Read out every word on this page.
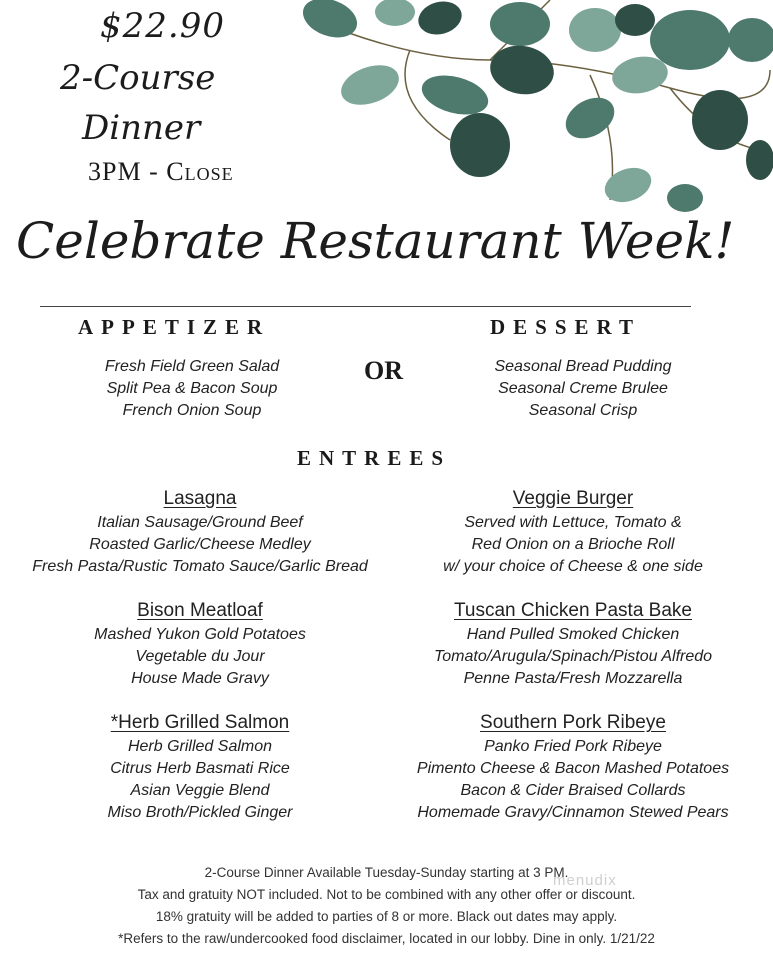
$22.90
2-Course
Dinner
3PM - Close
Celebrate Restaurant Week!
APPETIZER	DESSERT
OR
Fresh Field Green Salad
Split Pea & Bacon Soup
French Onion Soup
Seasonal Bread Pudding
Seasonal Creme Brulee
Seasonal Crisp
ENTREES
Lasagna
Italian Sausage/Ground Beef
Roasted Garlic/Cheese Medley
Fresh Pasta/Rustic Tomato Sauce/Garlic Bread
Veggie Burger
Served with Lettuce, Tomato &
Red Onion on a Brioche Roll
w/ your choice of Cheese & one side
Bison Meatloaf
Mashed Yukon Gold Potatoes
Vegetable du Jour
House Made Gravy
Tuscan Chicken Pasta Bake
Hand Pulled Smoked Chicken
Tomato/Arugula/Spinach/Pistou Alfredo
Penne Pasta/Fresh Mozzarella
*Herb Grilled Salmon
Herb Grilled Salmon
Citrus Herb Basmati Rice
Asian Veggie Blend
Miso Broth/Pickled Ginger
Southern Pork Ribeye
Panko Fried Pork Ribeye
Pimento Cheese & Bacon Mashed Potatoes
Bacon & Cider Braised Collards
Homemade Gravy/Cinnamon Stewed Pears
2-Course Dinner Available Tuesday-Sunday starting at 3 PM.
Tax and gratuity NOT included. Not to be combined with any other offer or discount.
18% gratuity will be added to parties of 8 or more. Black out dates may apply.
*Refers to the raw/undercooked food disclaimer, located in our lobby. Dine in only. 1/21/22
menudix
